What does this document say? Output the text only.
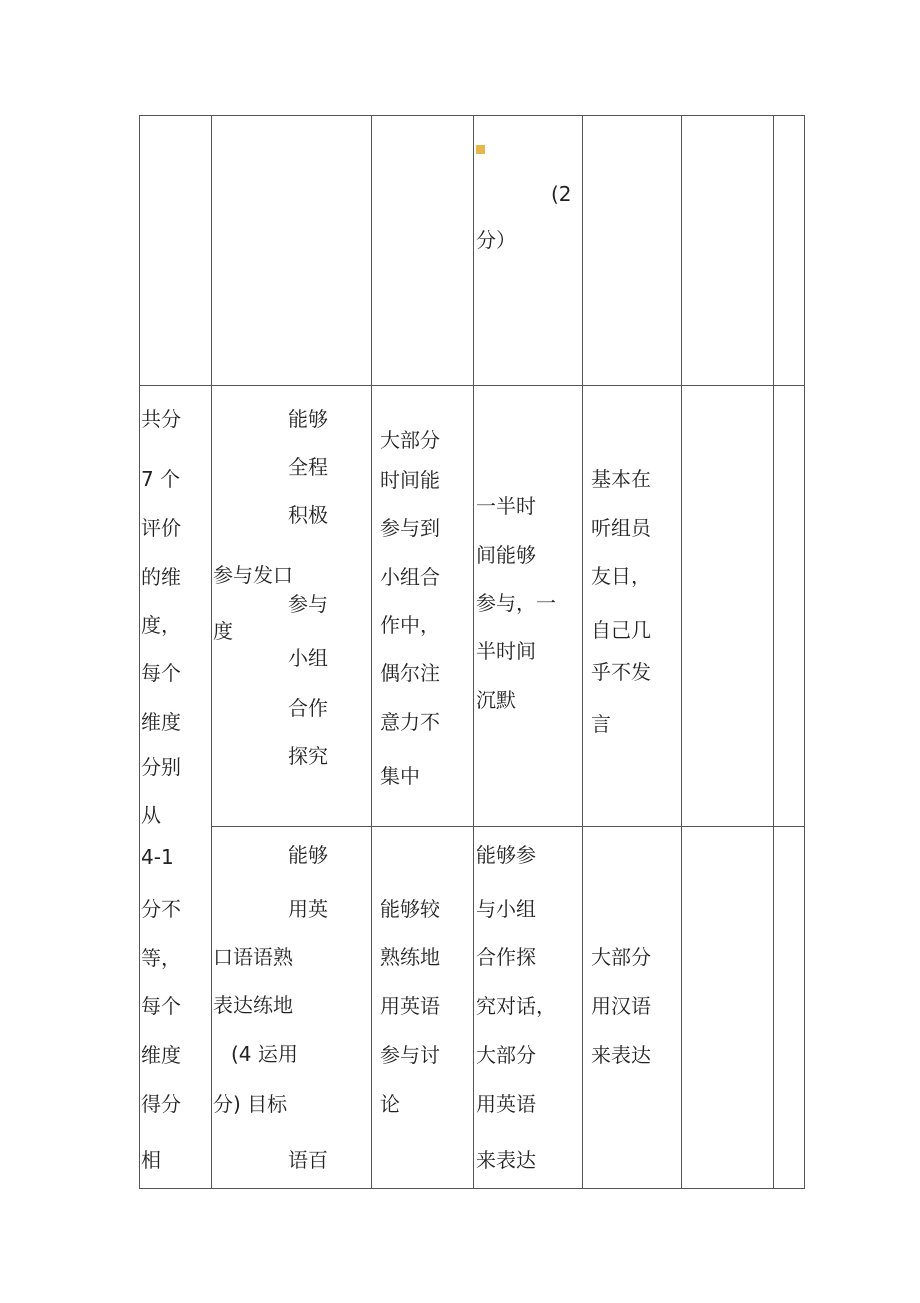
(2
分）
共分
7 个
评价
的维
度，
每个
维度
分别
从
4-1
分不
等，
每个
维度
得分
相
能够
全程
积极
参与发口
度
参与
小组
合作
探究
大部分
时间能
参与到
小组合
作中，
偶尔注
意力不
集中
一半时
间能够
参与，一
半时间
沉默
基本在
听组员
友日，
自己几
乎不发
言
能够
用英
口语语熟
表达练地
(4 运用
分) 目标
语百
能够较
熟练地
用英语
参与讨
论
能够参
与小组
合作探
究对话，
大部分
用英语
来表达
大部分
用汉语
来表达
